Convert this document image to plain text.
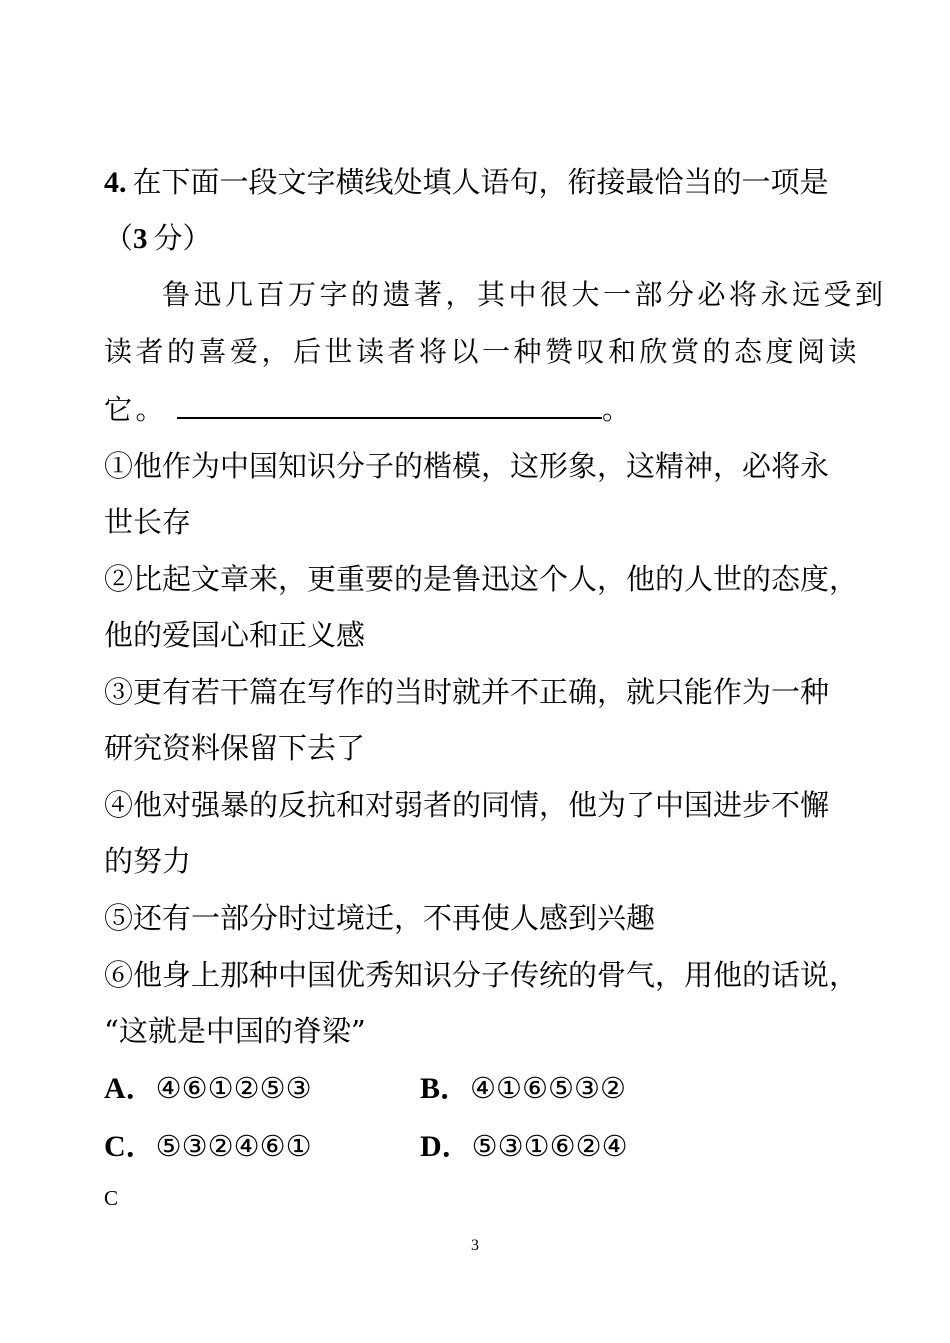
4. 在下面一段文字横线处填人语句，衔接最恰当的一项是
（3 分）
鲁迅几百万字的遗著，其中很大一部分必将永远受到
读者的喜爱，后世读者将以一种赞叹和欣赏的态度阅读
它。	。
①他作为中国知识分子的楷模，这形象，这精神，必将永
世长存
②比起文章来，更重要的是鲁迅这个人，他的人世的态度，
他的爱国心和正义感
③更有若干篇在写作的当时就并不正确，就只能作为一种
研究资料保留下去了
④他对强暴的反抗和对弱者的同情，他为了中国进步不懈
的努力
⑤还有一部分时过境迁，不再使人感到兴趣
⑥他身上那种中国优秀知识分子传统的骨气，用他的话说，
“这就是中国的脊梁”
A．④⑥①②⑤③	B．④①⑥⑤③②
C．⑤③②④⑥①	D．⑤③①⑥②④
C
3
